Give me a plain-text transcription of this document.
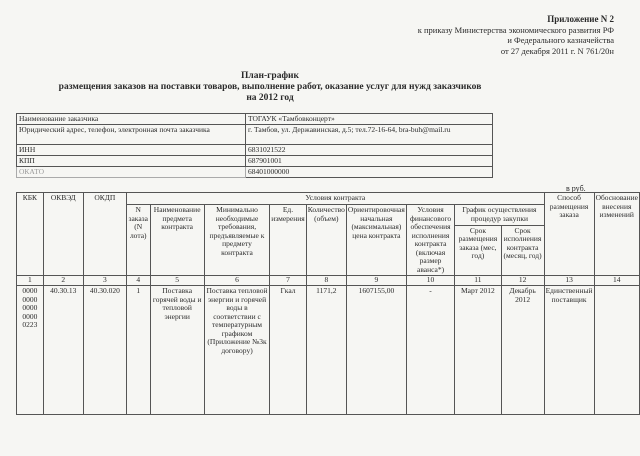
Приложение N 2
к приказу Министерства экономического развития РФ
и Федерального казначейства
от 27 декабря 2011 г. N 761/20н
План-график
размещения заказов на поставки товаров, выполнение работ, оказание услуг для нужд заказчиков
на 2012 год
Наименование заказчика	ТОГАУК «Тамбовконцерт»
Юридический адрес, телефон, электронная почта заказчика	г. Тамбов, ул. Державинская, д.5; тел.72-16-64, bra-buh@mail.ru
ИНН	6831021522
КПП	687901001
ОКАТО	68401000000
в руб.
КБК	ОКВЭД	ОКДП	Условия контракта									Способ размещения заказа	Обоснование внесения изменений
			N заказа (N лота)	Наименование предмета контракта	Минимально необходимые требования, предъявляемые к предмету контракта	Ед. измерения	Количество (объем)	Ориентировочная начальная (максимальная) цена контракта	Условия финансового обеспечения исполнения контракта (включая размер аванса*)	График осуществления процедур закупки			
										Срок размещения заказа (мес, год)	Срок исполнения контракта (месяц, год)		
1	2	3	4	5	6	7	8	9	10	11	12	13	14
0000 0000 0000 0000 0223	40.30.13	40.30.020	1	Поставка горячей воды и тепловой энергии	Поставка тепловой энергии и горячей воды в соответствии с температурным графиком (Приложение №3к договору)	Гкал	1171,2	1607155,00	-	Март 2012	Декабрь 2012	Единственный поставщик	
